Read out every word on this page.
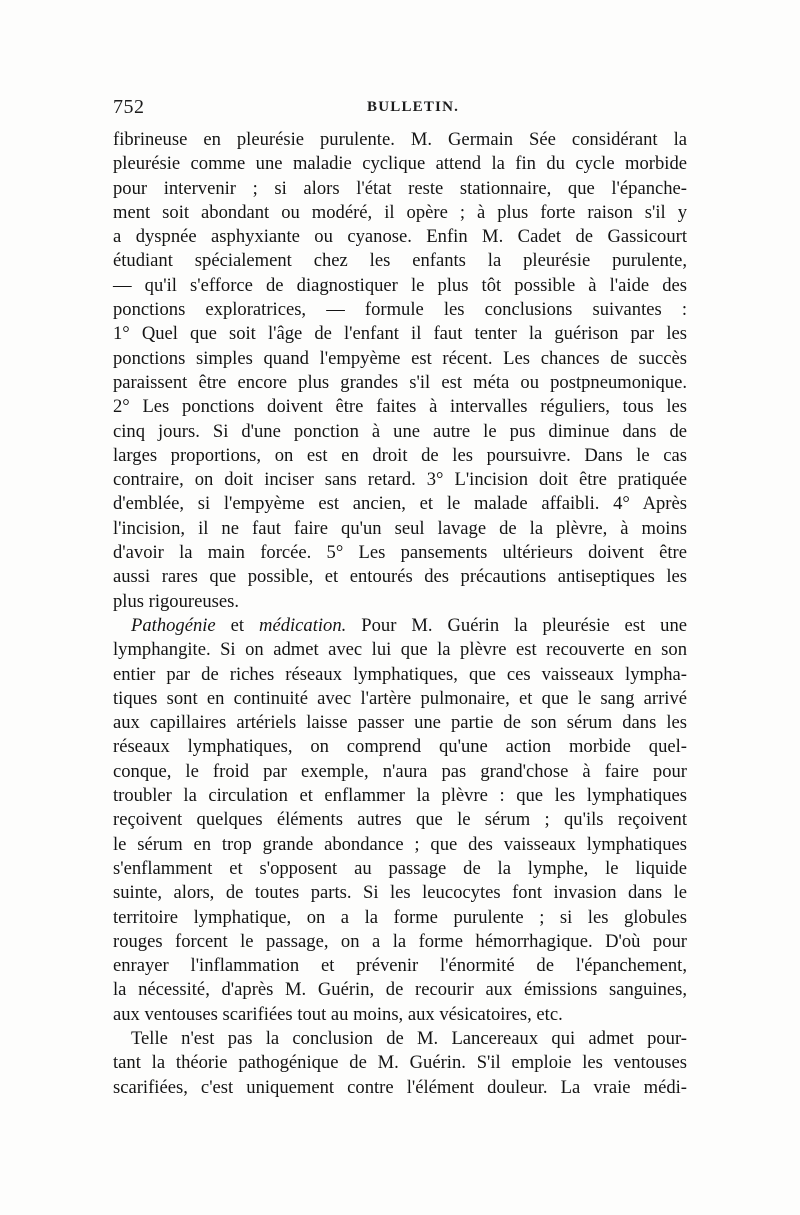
752	BULLETIN.
fibrineuse en pleurésie purulente. M. Germain Sée considérant la
pleurésie comme une maladie cyclique attend la fin du cycle morbide
pour intervenir ; si alors l'état reste stationnaire, que l'épanche-
ment soit abondant ou modéré, il opère ; à plus forte raison s'il y
a dyspnée asphyxiante ou cyanose. Enfin M. Cadet de Gassicourt
étudiant spécialement chez les enfants la pleurésie purulente,
— qu'il s'efforce de diagnostiquer le plus tôt possible à l'aide des
ponctions exploratrices, — formule les conclusions suivantes :
1° Quel que soit l'âge de l'enfant il faut tenter la guérison par les
ponctions simples quand l'empyème est récent. Les chances de succès
paraissent être encore plus grandes s'il est méta ou postpneumonique.
2° Les ponctions doivent être faites à intervalles réguliers, tous les
cinq jours. Si d'une ponction à une autre le pus diminue dans de
larges proportions, on est en droit de les poursuivre. Dans le cas
contraire, on doit inciser sans retard. 3° L'incision doit être pratiquée
d'emblée, si l'empyème est ancien, et le malade affaibli. 4° Après
l'incision, il ne faut faire qu'un seul lavage de la plèvre, à moins
d'avoir la main forcée. 5° Les pansements ultérieurs doivent être
aussi rares que possible, et entourés des précautions antiseptiques les
plus rigoureuses.
Pathogénie et médication. Pour M. Guérin la pleurésie est une
lymphangite. Si on admet avec lui que la plèvre est recouverte en son
entier par de riches réseaux lymphatiques, que ces vaisseaux lympha-
tiques sont en continuité avec l'artère pulmonaire, et que le sang arrivé
aux capillaires artériels laisse passer une partie de son sérum dans les
réseaux lymphatiques, on comprend qu'une action morbide quel-
conque, le froid par exemple, n'aura pas grand'chose à faire pour
troubler la circulation et enflammer la plèvre : que les lymphatiques
reçoivent quelques éléments autres que le sérum ; qu'ils reçoivent
le sérum en trop grande abondance ; que des vaisseaux lymphatiques
s'enflamment et s'opposent au passage de la lymphe, le liquide
suinte, alors, de toutes parts. Si les leucocytes font invasion dans le
territoire lymphatique, on a la forme purulente ; si les globules
rouges forcent le passage, on a la forme hémorrhagique. D'où pour
enrayer l'inflammation et prévenir l'énormité de l'épanchement,
la nécessité, d'après M. Guérin, de recourir aux émissions sanguines,
aux ventouses scarifiées tout au moins, aux vésicatoires, etc.
Telle n'est pas la conclusion de M. Lancereaux qui admet pour-
tant la théorie pathogénique de M. Guérin. S'il emploie les ventouses
scarifiées, c'est uniquement contre l'élément douleur. La vraie médi-
